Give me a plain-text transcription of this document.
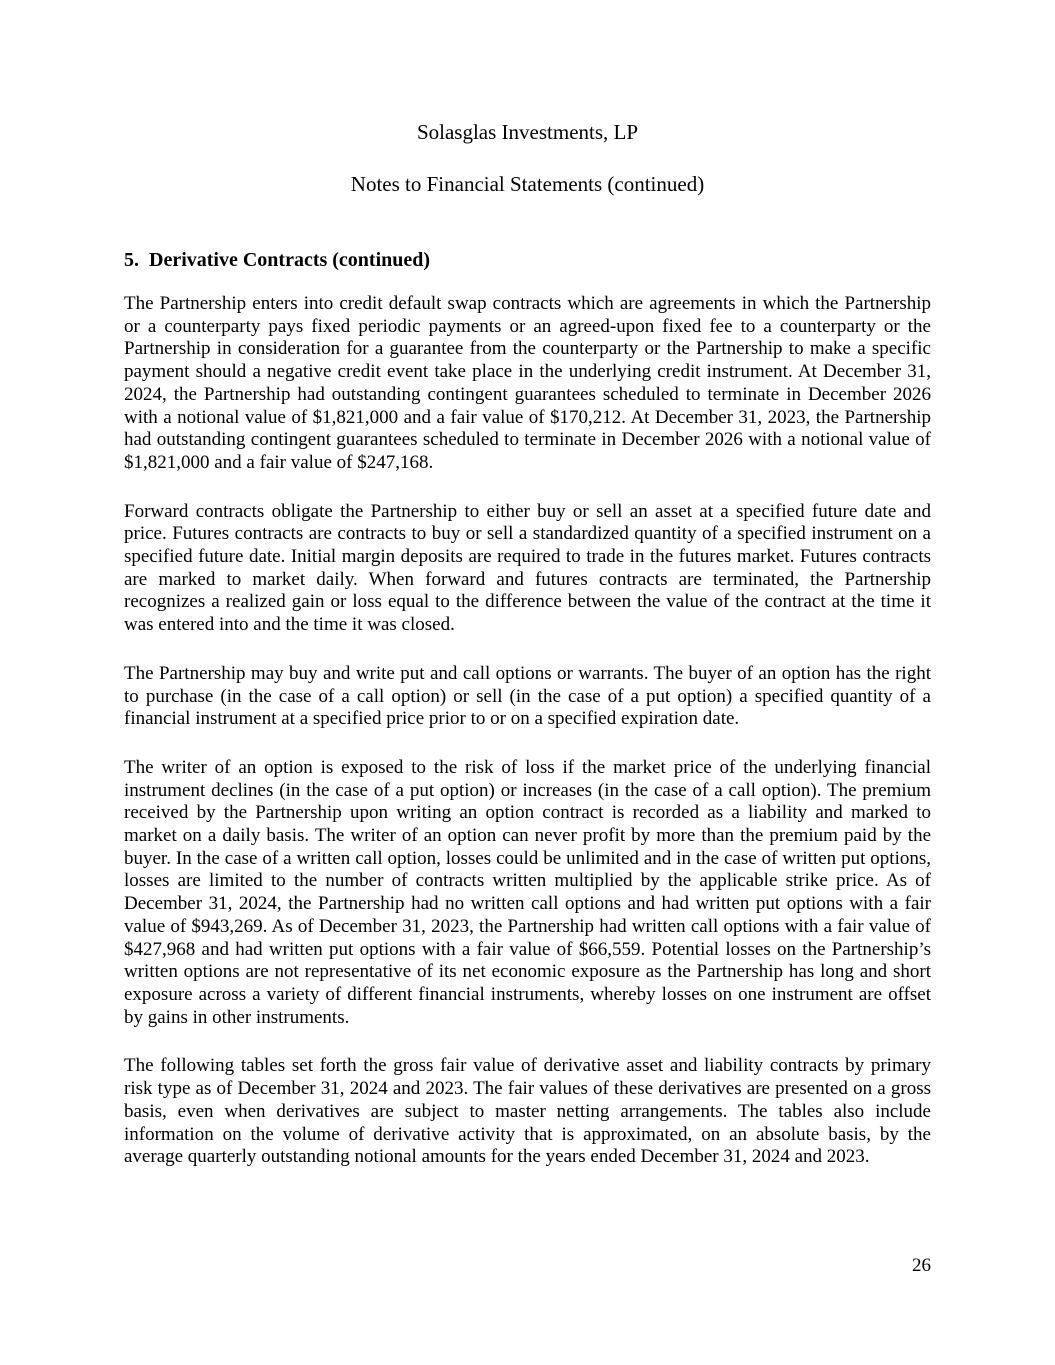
Solasglas Investments, LP
Notes to Financial Statements (continued)
5. Derivative Contracts (continued)

The Partnership enters into credit default swap contracts which are agreements in which the Partnership or a counterparty pays fixed periodic payments or an agreed-upon fixed fee to a counterparty or the Partnership in consideration for a guarantee from the counterparty or the Partnership to make a specific payment should a negative credit event take place in the underlying credit instrument. At December 31, 2024, the Partnership had outstanding contingent guarantees scheduled to terminate in December 2026 with a notional value of $1,821,000 and a fair value of $170,212. At December 31, 2023, the Partnership had outstanding contingent guarantees scheduled to terminate in December 2026 with a notional value of $1,821,000 and a fair value of $247,168.

Forward contracts obligate the Partnership to either buy or sell an asset at a specified future date and price. Futures contracts are contracts to buy or sell a standardized quantity of a specified instrument on a specified future date. Initial margin deposits are required to trade in the futures market. Futures contracts are marked to market daily. When forward and futures contracts are terminated, the Partnership recognizes a realized gain or loss equal to the difference between the value of the contract at the time it was entered into and the time it was closed.

The Partnership may buy and write put and call options or warrants. The buyer of an option has the right to purchase (in the case of a call option) or sell (in the case of a put option) a specified quantity of a financial instrument at a specified price prior to or on a specified expiration date.

The writer of an option is exposed to the risk of loss if the market price of the underlying financial instrument declines (in the case of a put option) or increases (in the case of a call option). The premium received by the Partnership upon writing an option contract is recorded as a liability and marked to market on a daily basis. The writer of an option can never profit by more than the premium paid by the buyer. In the case of a written call option, losses could be unlimited and in the case of written put options, losses are limited to the number of contracts written multiplied by the applicable strike price. As of December 31, 2024, the Partnership had no written call options and had written put options with a fair value of $943,269. As of December 31, 2023, the Partnership had written call options with a fair value of $427,968 and had written put options with a fair value of $66,559. Potential losses on the Partnership’s written options are not representative of its net economic exposure as the Partnership has long and short exposure across a variety of different financial instruments, whereby losses on one instrument are offset by gains in other instruments.

The following tables set forth the gross fair value of derivative asset and liability contracts by primary risk type as of December 31, 2024 and 2023. The fair values of these derivatives are presented on a gross basis, even when derivatives are subject to master netting arrangements. The tables also include information on the volume of derivative activity that is approximated, on an absolute basis, by the average quarterly outstanding notional amounts for the years ended December 31, 2024 and 2023.

26
